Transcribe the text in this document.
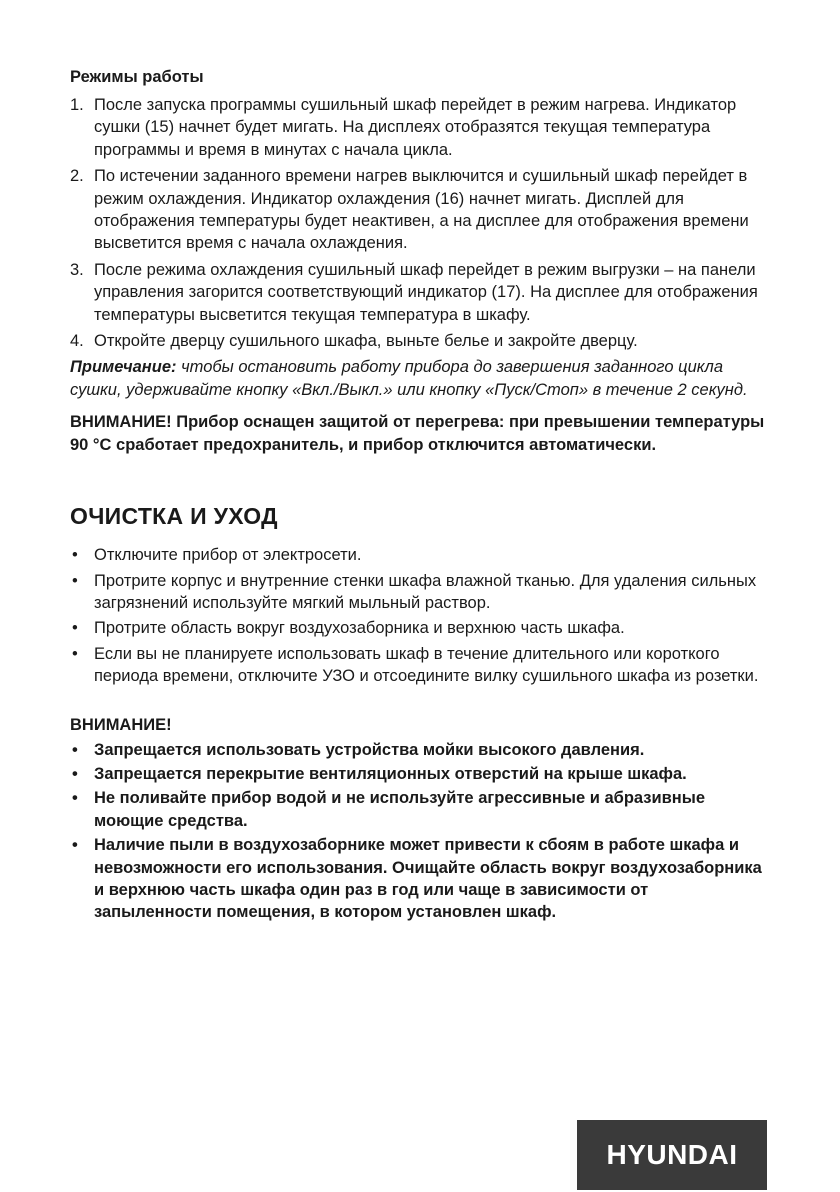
Режимы работы
1. После запуска программы сушильный шкаф перейдет в режим нагрева. Индикатор сушки (15) начнет будет мигать. На дисплеях отобразятся текущая температура программы и время в минутах с начала цикла.
2. По истечении заданного времени нагрев выключится и сушильный шкаф перейдет в режим охлаждения. Индикатор охлаждения (16) начнет мигать. Дисплей для отображения температуры будет неактивен, а на дисплее для отображения времени высветится время с начала охлаждения.
3. После режима охлаждения сушильный шкаф перейдет в режим выгрузки – на панели управления загорится соответствующий индикатор (17). На дисплее для отображения температуры высветится текущая температура в шкафу.
4. Откройте дверцу сушильного шкафа, выньте белье и закройте дверцу.

Примечание: чтобы остановить работу прибора до завершения заданного цикла сушки, удерживайте кнопку «Вкл./Выкл.» или кнопку «Пуск/Стоп» в течение 2 секунд.

ВНИМАНИЕ! Прибор оснащен защитой от перегрева: при превышении температуры 90 °С сработает предохранитель, и прибор отключится автоматически.

ОЧИСТКА И УХОД
• Отключите прибор от электросети.
• Протрите корпус и внутренние стенки шкафа влажной тканью. Для удаления сильных загрязнений используйте мягкий мыльный раствор.
• Протрите область вокруг воздухозаборника и верхнюю часть шкафа.
• Если вы не планируете использовать шкаф в течение длительного или короткого периода времени, отключите УЗО и отсоедините вилку сушильного шкафа из розетки.
ВНИМАНИЕ!
• Запрещается использовать устройства мойки высокого давления.
• Запрещается перекрытие вентиляционных отверстий на крыше шкафа.
• Не поливайте прибор водой и не используйте агрессивные и абразивные моющие средства.
• Наличие пыли в воздухозаборнике может привести к сбоям в работе шкафа и невозможности его использования. Очищайте область вокруг воздухозаборника и верхнюю часть шкафа один раз в год или чаще в зависимости от запыленности помещения, в котором установлен шкаф.
HYUNDAI
